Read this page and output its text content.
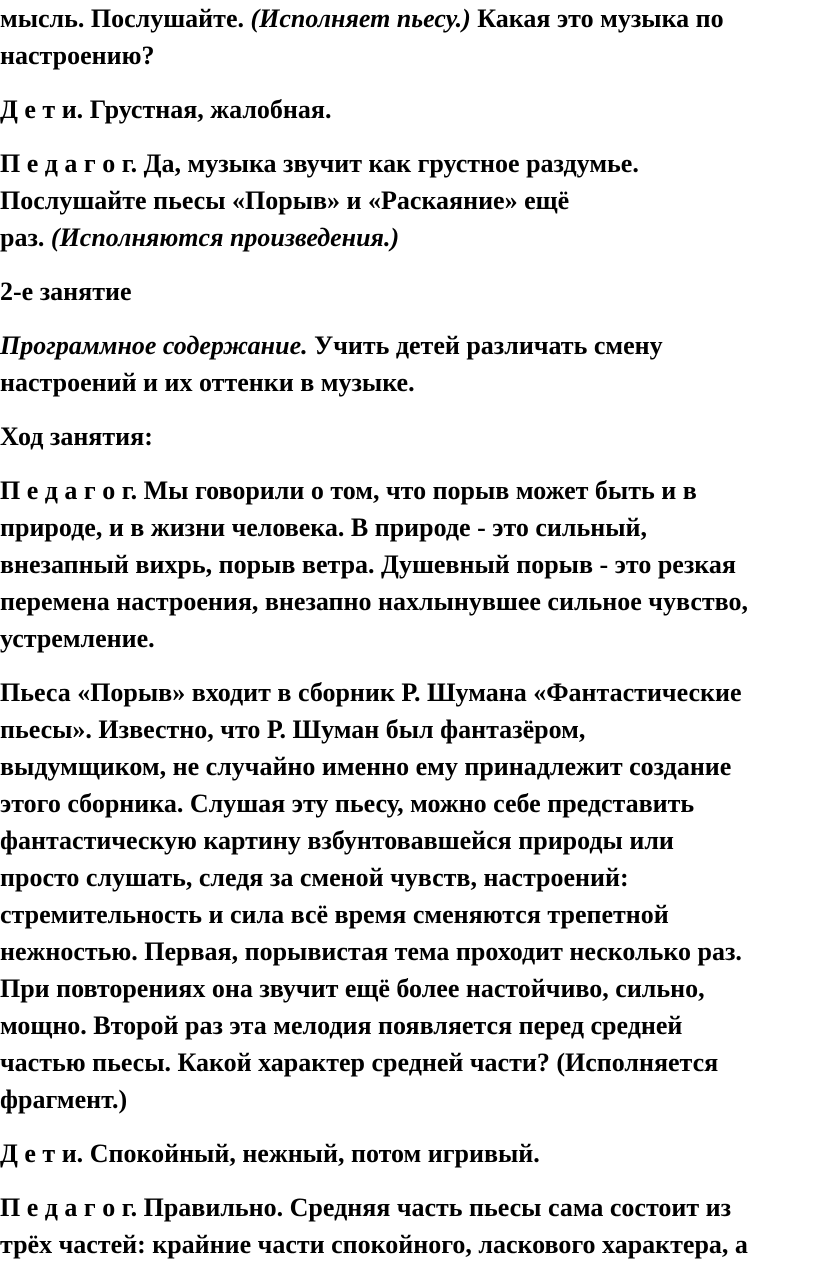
мысль. Послушайте. (Исполняет пьесу.) Какая это музыка по
настроению?
Д е т и. Грустная, жалобная.
П е д а г о г. Да, музыка звучит как грустное раздумье.
Послушайте пьесы «Порыв» и «Раскаяние» ещё
раз. (Исполняются произведения.)
2-е занятие
Программное содержание. Учить детей различать смену
настроений и их оттенки в музыке.
Ход занятия:
П е д а г о г. Мы говорили о том, что порыв может быть и в
природе, и в жизни человека. В природе - это сильный,
внезапный вихрь, порыв ветра. Душевный порыв - это резкая
перемена настроения, внезапно нахлынувшее сильное чувство,
устремление.
Пьеса «Порыв» входит в сборник Р. Шумана «Фантастические
пьесы». Известно, что Р. Шуман был фантазёром,
выдумщиком, не случайно именно ему принадлежит создание
этого сборника. Слушая эту пьесу, можно себе представить
фантастическую картину взбунтовавшейся природы или
просто слушать, следя за сменой чувств, настроений:
стремительность и сила всё время сменяются трепетной
нежностью. Первая, порывистая тема проходит несколько раз.
При повторениях она звучит ещё более настойчиво, сильно,
мощно. Второй раз эта мелодия появляется перед средней
частью пьесы. Какой характер средней части? (Исполняется
фрагмент.)
Д е т и. Спокойный, нежный, потом игривый.
П е д а г о г. Правильно. Средняя часть пьесы сама состоит из
трёх частей: крайние части спокойного, ласкового характера, а
